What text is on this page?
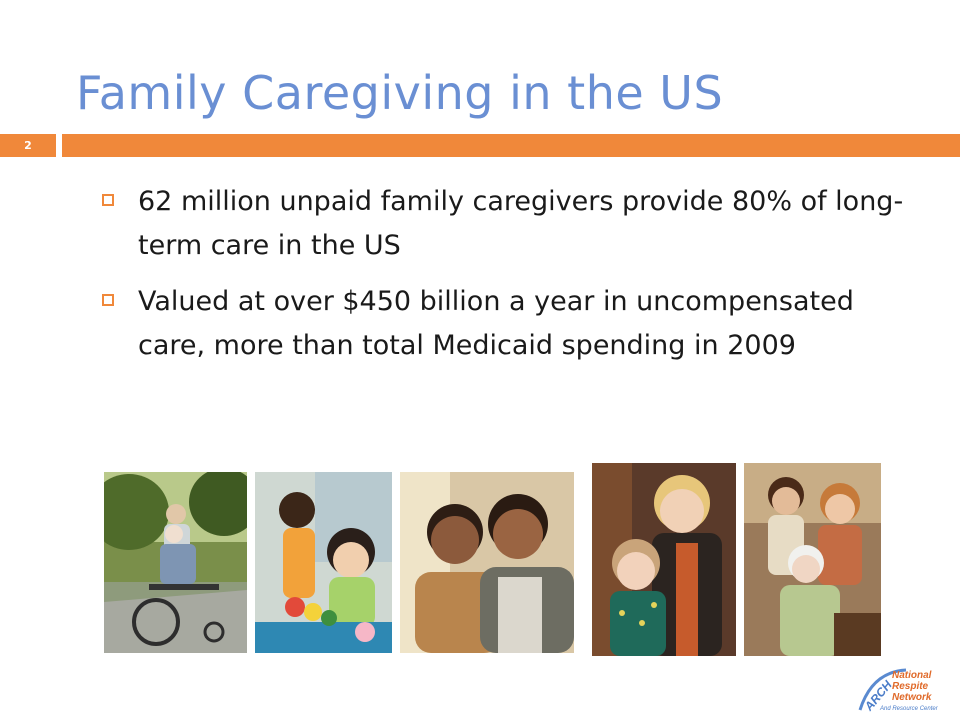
Family Caregiving in the US
2
62 million unpaid family caregivers provide 80% of long-term care in the US
Valued at over $450 billion a year in uncompensated care, more than total Medicaid spending in 2009
ARCH
National
Respite
Network
And Resource Center
